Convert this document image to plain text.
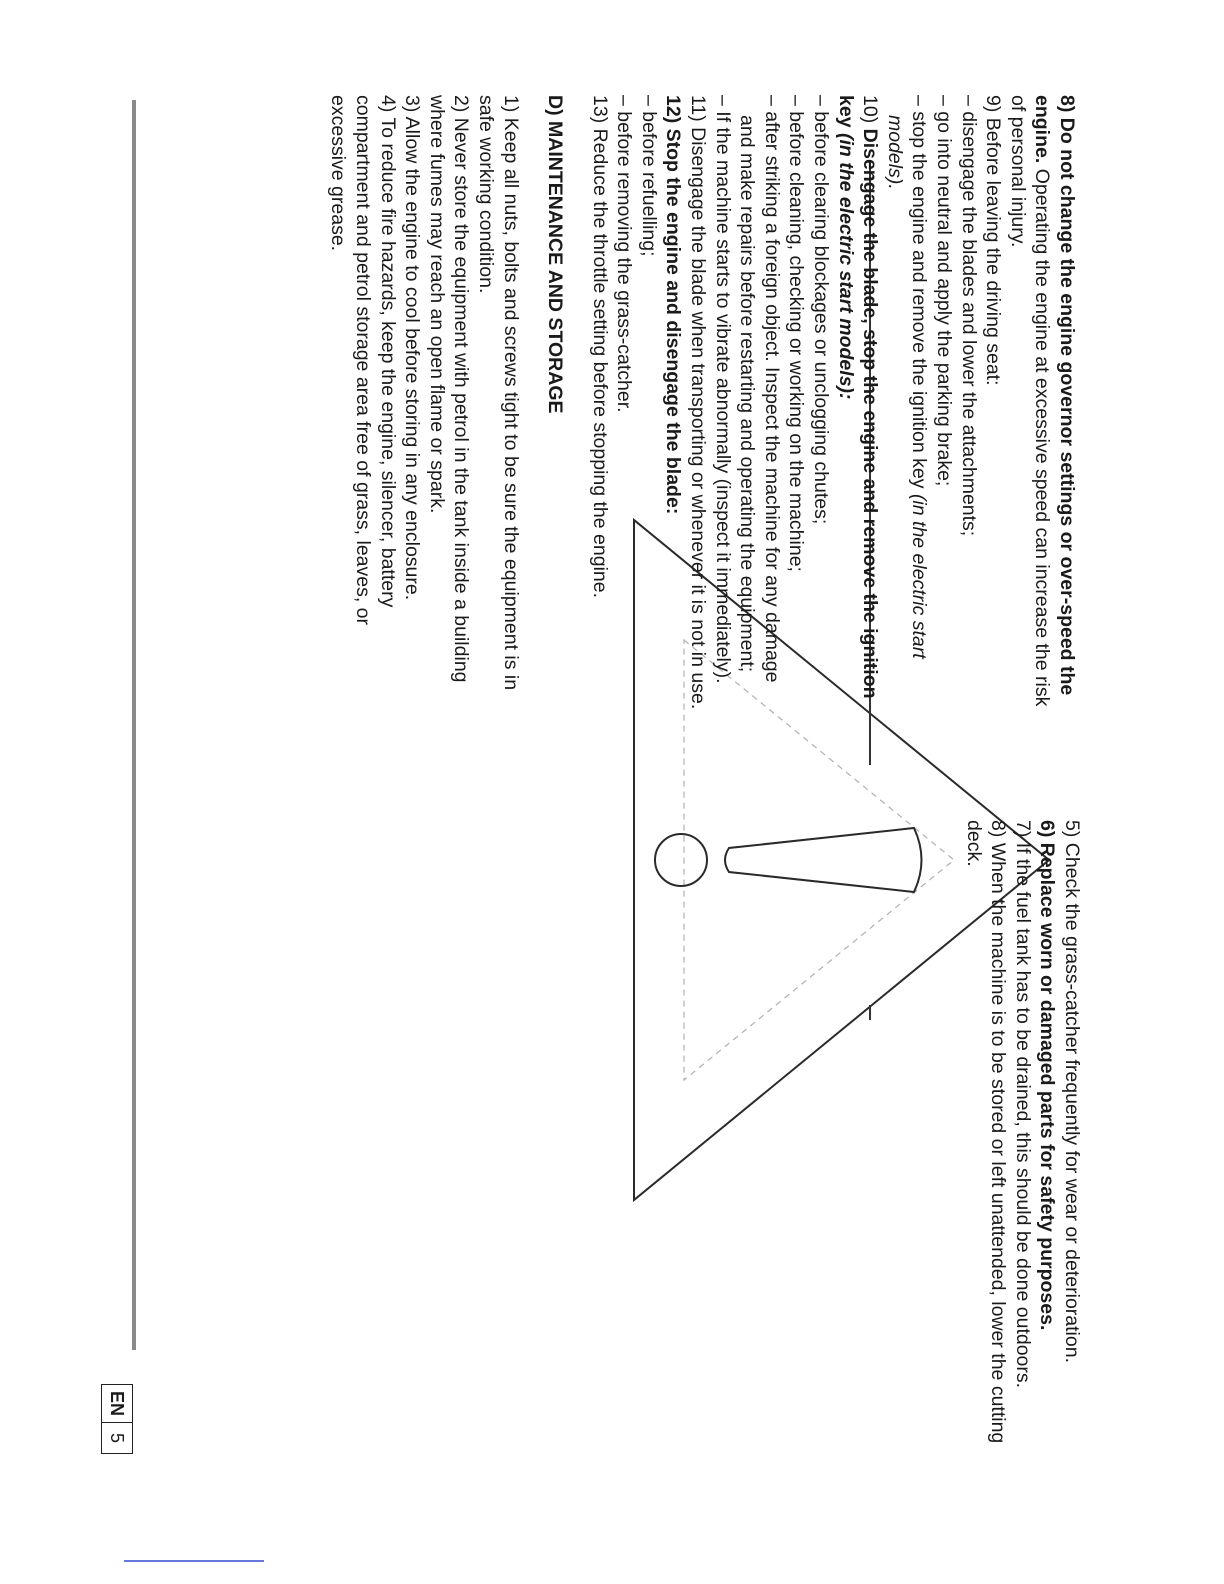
8) Do not change the engine governor settings or over-speed the engine. Operating the engine at excessive speed can increase the risk of personal injury.

9) Before leaving the driving seat:

– disengage the blades and lower the attachments;
– go into neutral and apply the parking brake;
– stop the engine and remove the ignition key (in the electric start models).

10) Disengage the blade, stop the engine and remove the ignition key (in the electric start models):

– before clearing blockages or unclogging chutes;
– before cleaning, checking or working on the machine;
– after striking a foreign object. Inspect the machine for any damage and make repairs before restarting and operating the equipment;
– If the machine starts to vibrate abnormally (inspect it immediately).

11) Disengage the blade when transporting or whenever it is not in use.

12) Stop the engine and disengage the blade:

– before refuelling;
– before removing the grass-catcher.

13) Reduce the throttle setting before stopping the engine.

D) MAINTENANCE AND STORAGE

1) Keep all nuts, bolts and screws tight to be sure the equipment is in safe working condition.

2) Never store the equipment with petrol in the tank inside a building where fumes may reach an open flame or spark.

3) Allow the engine to cool before storing in any enclosure.

4) To reduce fire hazards, keep the engine, silencer, battery compartment and petrol storage area free of grass, leaves, or excessive grease.

5) Check the grass-catcher frequently for wear or deterioration.

6) Replace worn or damaged parts for safety purposes.

7) If the fuel tank has to be drained, this should be done outdoors.

8) When the machine is to be stored or left unattended, lower the cutting deck.

EN
5
